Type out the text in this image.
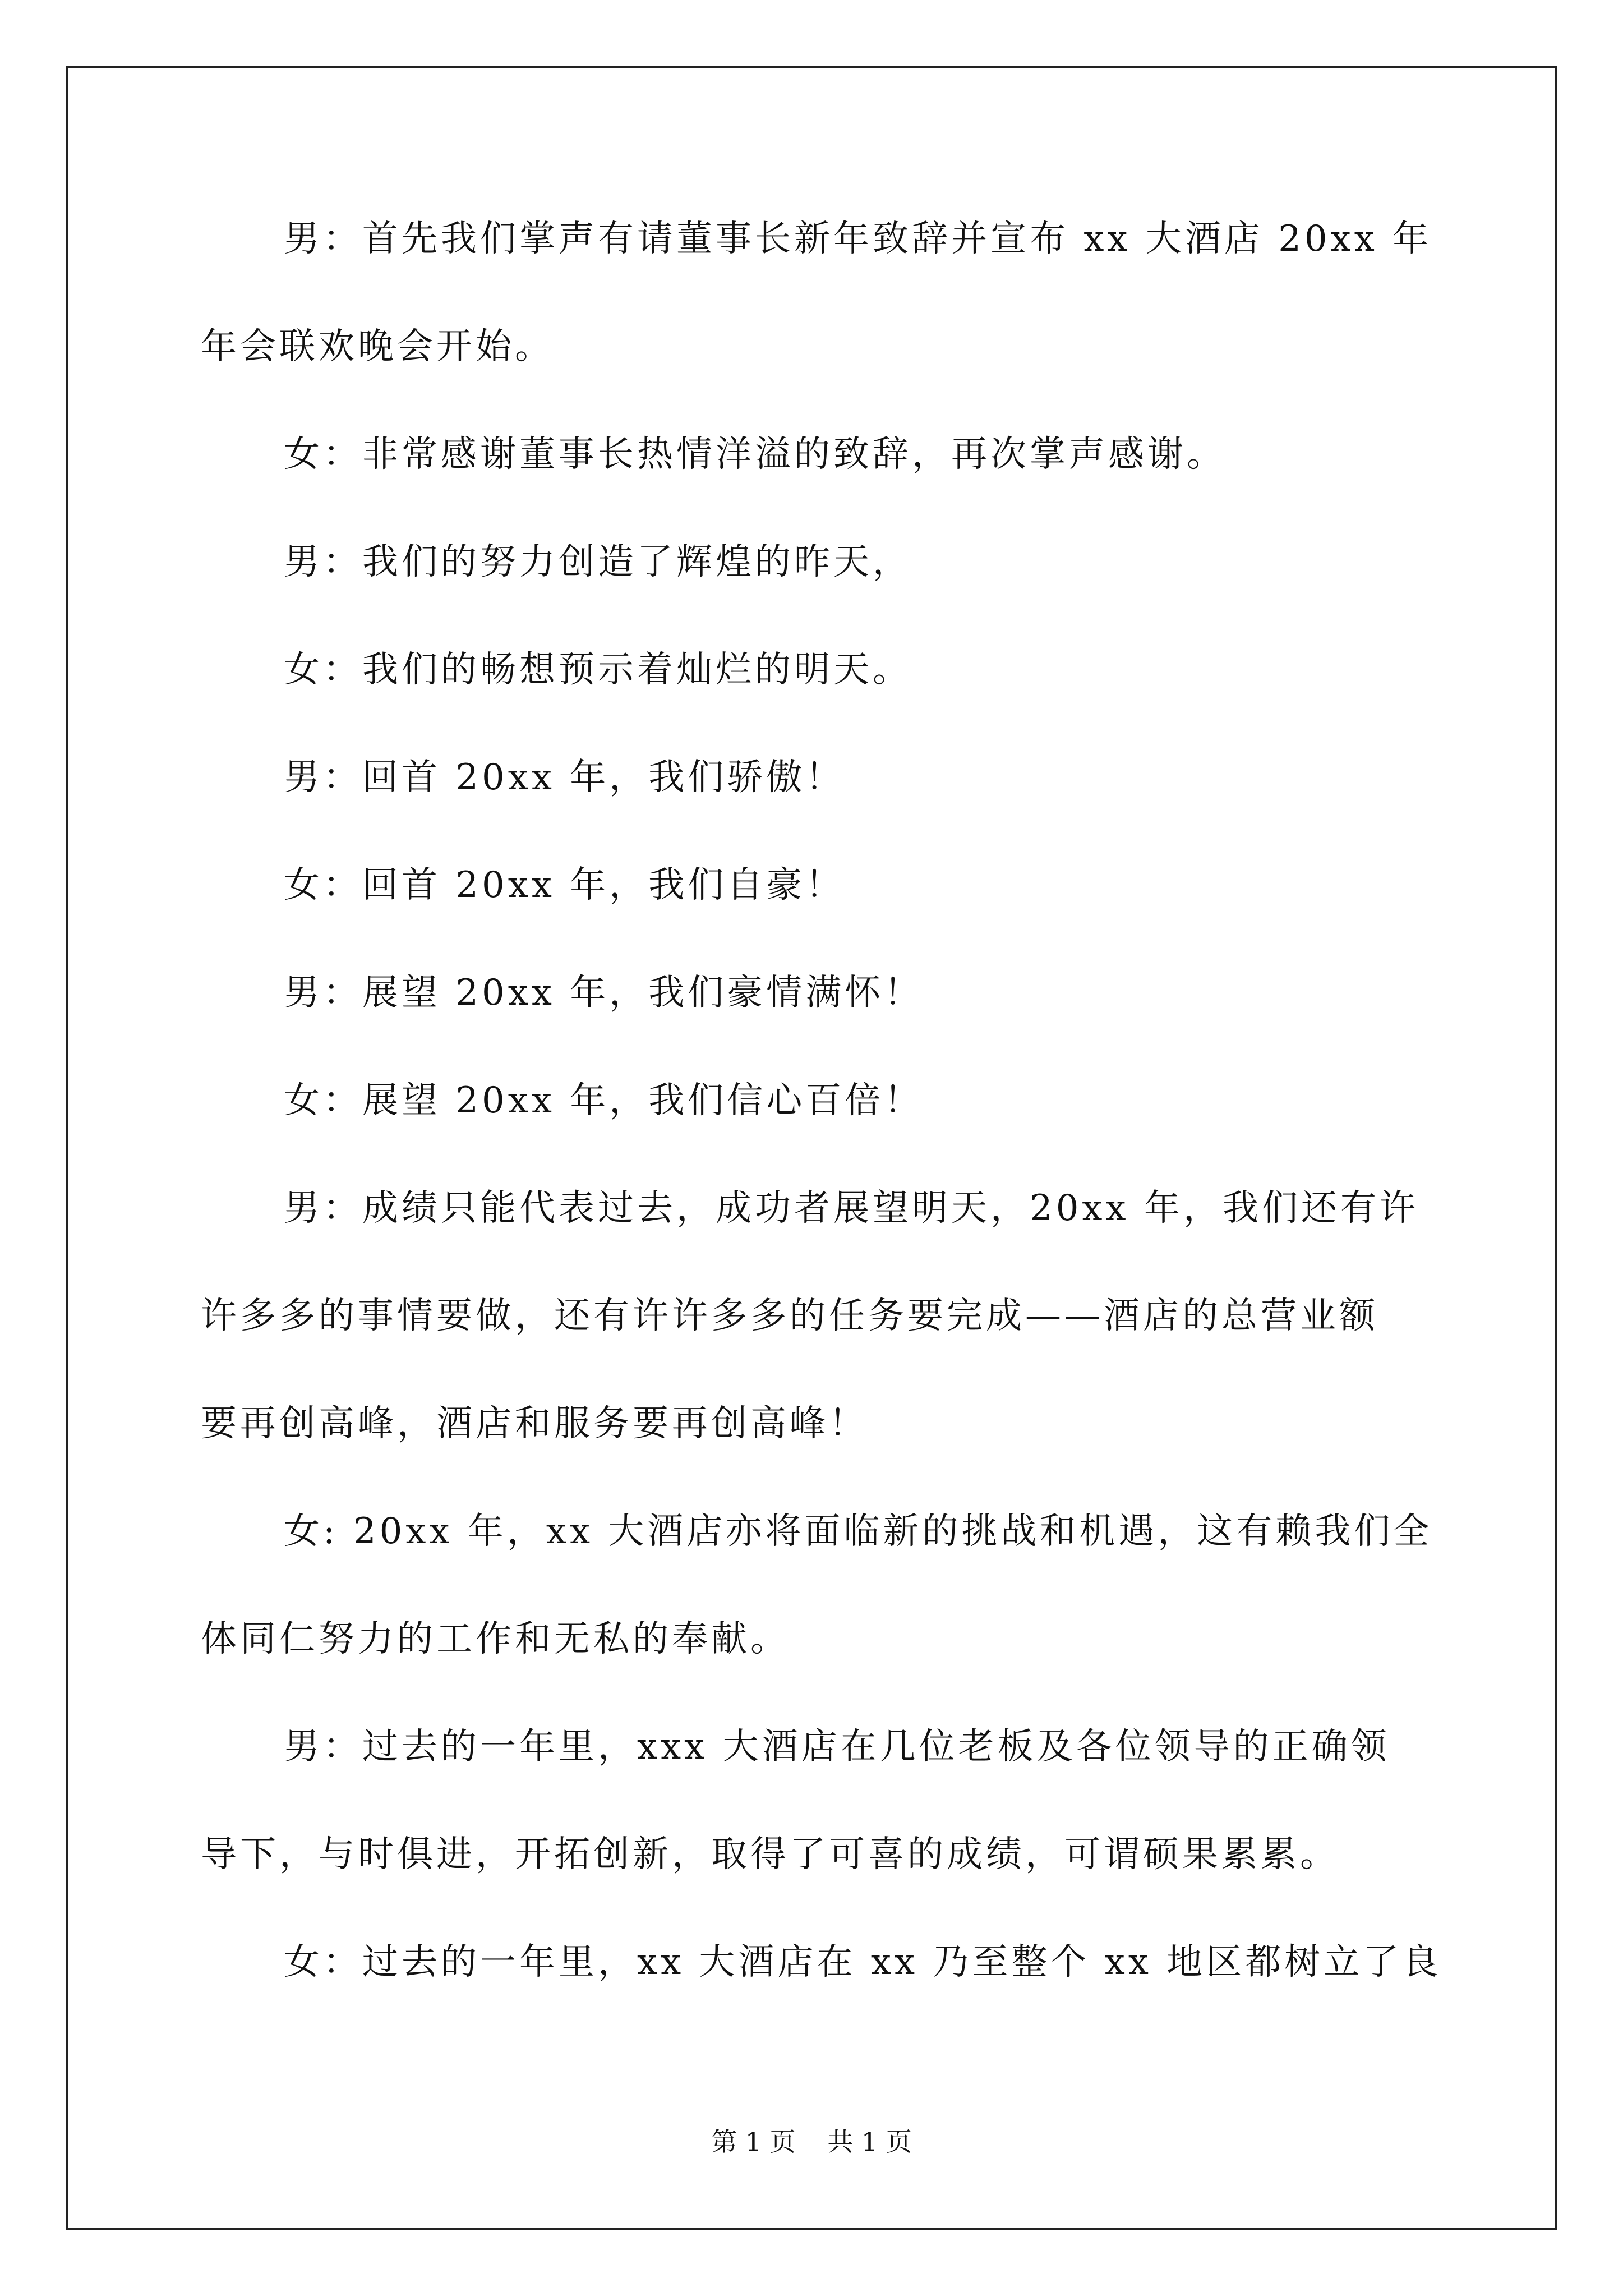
男：首先我们掌声有请董事长新年致辞并宣布 xx 大酒店 20xx 年
年会联欢晚会开始。
女：非常感谢董事长热情洋溢的致辞，再次掌声感谢。
男：我们的努力创造了辉煌的昨天，
女：我们的畅想预示着灿烂的明天。
男：回首 20xx 年，我们骄傲！
女：回首 20xx 年，我们自豪！
男：展望 20xx 年，我们豪情满怀！
女：展望 20xx 年，我们信心百倍！
男：成绩只能代表过去，成功者展望明天，20xx 年，我们还有许
许多多的事情要做，还有许许多多的任务要完成——酒店的总营业额
要再创高峰，酒店和服务要再创高峰！
女: 20xx 年，xx 大酒店亦将面临新的挑战和机遇，这有赖我们全
体同仁努力的工作和无私的奉献。
男：过去的一年里，xxx 大酒店在几位老板及各位领导的正确领
导下，与时俱进，开拓创新，取得了可喜的成绩，可谓硕果累累。
女：过去的一年里，xx 大酒店在 xx 乃至整个 xx 地区都树立了良
第 1 页 共 1 页
